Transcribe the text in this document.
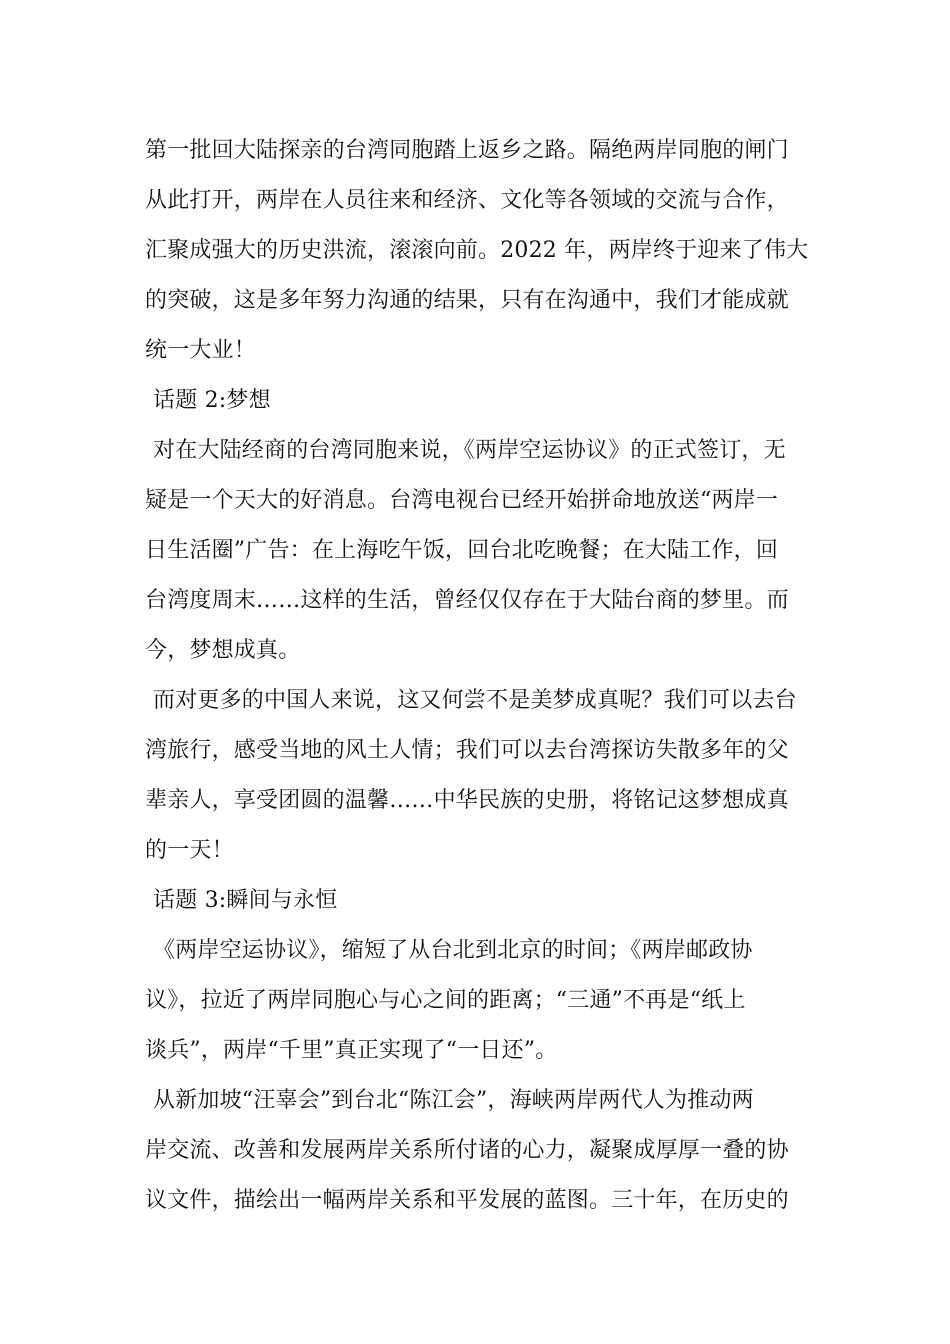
第一批回大陆探亲的台湾同胞踏上返乡之路。隔绝两岸同胞的闸门
从此打开，两岸在人员往来和经济、文化等各领域的交流与合作，
汇聚成强大的历史洪流，滚滚向前。2022 年，两岸终于迎来了伟大
的突破，这是多年努力沟通的结果，只有在沟通中，我们才能成就
统一大业！
话题 2:梦想
对在大陆经商的台湾同胞来说，《两岸空运协议》的正式签订，无
疑是一个天大的好消息。台湾电视台已经开始拼命地放送“两岸一
日生活圈”广告：在上海吃午饭，回台北吃晚餐；在大陆工作，回
台湾度周末……这样的生活，曾经仅仅存在于大陆台商的梦里。而
今，梦想成真。
而对更多的中国人来说，这又何尝不是美梦成真呢？我们可以去台
湾旅行，感受当地的风土人情；我们可以去台湾探访失散多年的父
辈亲人，享受团圆的温馨……中华民族的史册，将铭记这梦想成真
的一天！
话题 3:瞬间与永恒
《两岸空运协议》，缩短了从台北到北京的时间；《两岸邮政协
议》，拉近了两岸同胞心与心之间的距离；“三通”不再是“纸上
谈兵”，两岸“千里”真正实现了“一日还”。
从新加坡“汪辜会”到台北“陈江会”，海峡两岸两代人为推动两
岸交流、改善和发展两岸关系所付诸的心力，凝聚成厚厚一叠的协
议文件，描绘出一幅两岸关系和平发展的蓝图。三十年，在历史的
